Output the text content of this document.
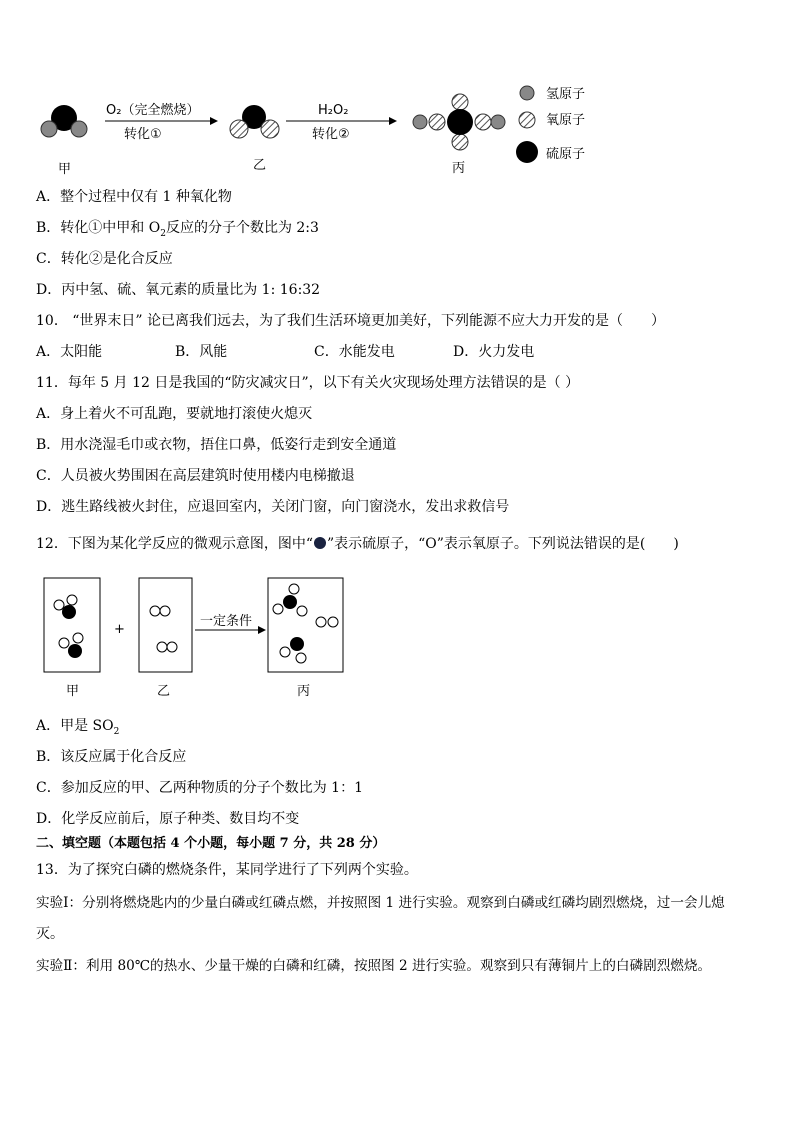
O₂（完全燃烧）
转化①
H₂O₂
转化②
氢原子
氧原子
硫原子
甲	乙	丙
A．整个过程中仅有 1 种氧化物
B．转化①中甲和 $O_2$反应的分子个数比为 2:3
C．转化②是化合反应
D．丙中氢、硫、氧元素的质量比为 1: 16:32
10． “世界末日” 论已离我们远去，为了我们生活环境更加美好，下列能源不应大力开发的是（　　）
A．太阳能	B．风能	C．水能发电	D．火力发电
11．每年 5 月 12 日是我国的“防灾减灾日”，以下有关火灾现场处理方法错误的是（ ）
A．身上着火不可乱跑，要就地打滚使火熄灭
B．用水浇湿毛巾或衣物，捂住口鼻，低姿行走到安全通道
C．人员被火势围困在高层建筑时使用楼内电梯撤退
D．逃生路线被火封住，应退回室内，关闭门窗，向门窗浇水，发出求救信号
12．下图为某化学反应的微观示意图，图中“ ”表示硫原子，“O”表示氧原子。下列说法错误的是(　　)
+
一定条件
甲	乙	丙
A．甲是 $SO_2$
B．该反应属于化合反应
C．参加反应的甲、乙两种物质的分子个数比为 1：1
D．化学反应前后，原子种类、数目均不变
二、填空题（本题包括 4 个小题，每小题 7 分，共 28 分）
13．为了探究白磷的燃烧条件，某同学进行了下列两个实验。
实验Ⅰ：分别将燃烧匙内的少量白磷或红磷点燃，并按照图 1 进行实验。观察到白磷或红磷均剧烈燃烧，过一会儿熄
灭。
实验Ⅱ：利用 80℃的热水、少量干燥的白磷和红磷，按照图 2 进行实验。观察到只有薄铜片上的白磷剧烈燃烧。
